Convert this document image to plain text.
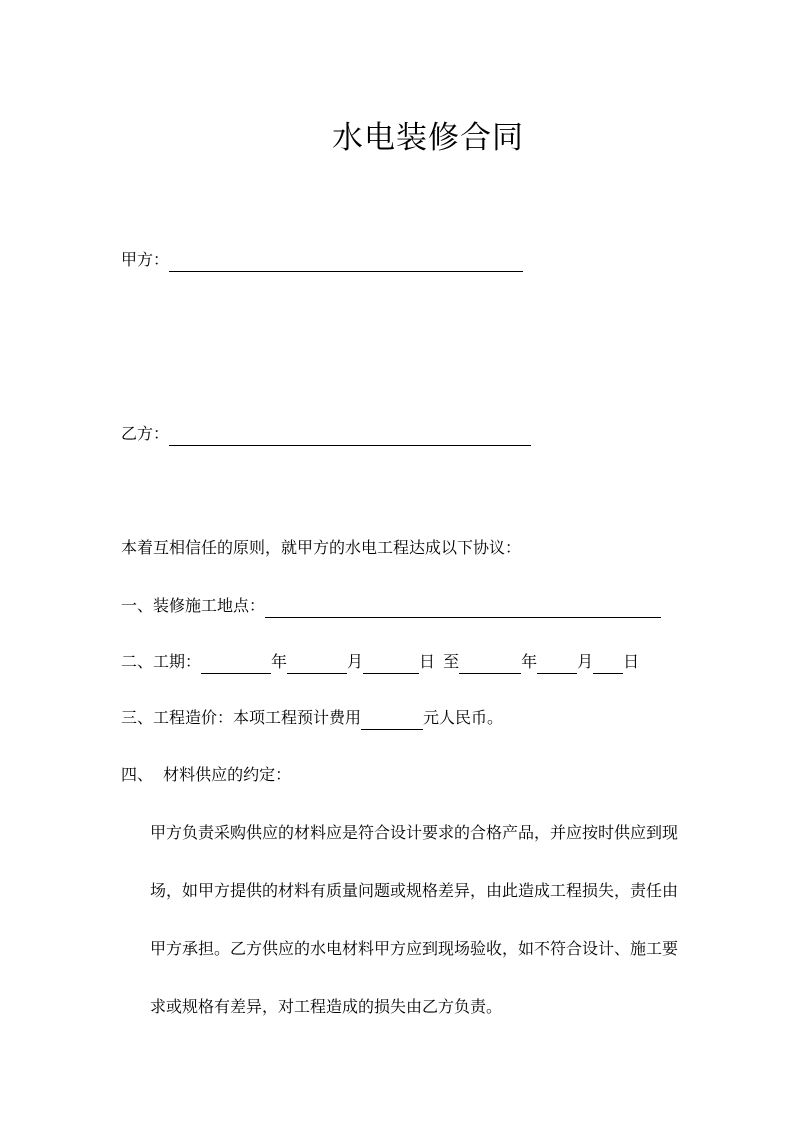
水电装修合同
甲方：
乙方：
本着互相信任的原则，就甲方的水电工程达成以下协议：
一、装修施工地点：
二、工期：	年	月	日 至	年	月 日
三、工程造价：本项工程预计费用	元人民币。
四、  材料供应的约定：
甲方负责采购供应的材料应是符合设计要求的合格产品，并应按时供应到现
场，如甲方提供的材料有质量问题或规格差异，由此造成工程损失，责任由
甲方承担。乙方供应的水电材料甲方应到现场验收，如不符合设计、施工要
求或规格有差异，对工程造成的损失由乙方负责。
